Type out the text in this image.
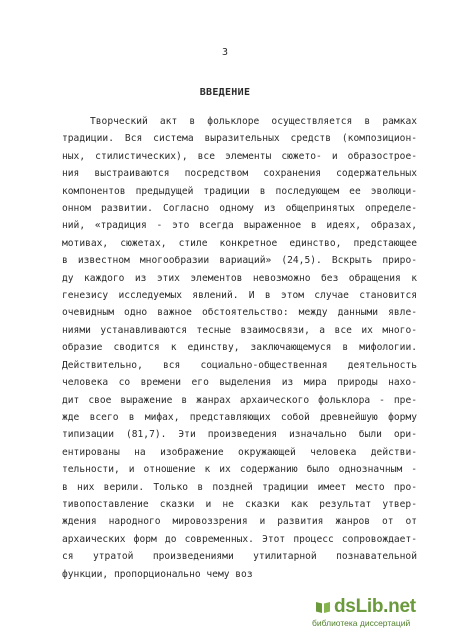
3
ВВЕДЕНИЕ
Творческий акт в фольклоре осуществляется в рамках
традиции. Вся система выразительных средств (композицион-
ных, стилистических), все элементы сюжето- и образострое-
ния выстраиваются посредством сохранения содержательных
компонентов предыдущей традиции в последующем ее эволюци-
онном развитии. Согласно одному из общепринятых определе-
ний, «традиция - это всегда выраженное в идеях, образах,
мотивах, сюжетах, стиле конкретное единство, предстающее
в известном многообразии вариаций» (24,5). Вскрыть приро-
ду каждого из этих элементов невозможно без обращения к
генезису исследуемых явлений. И в этом случае становится
очевидным одно важное обстоятельство: между данными явле-
ниями устанавливаются тесные взаимосвязи, а все их много-
образие сводится к единству, заключающемуся в мифологии.
Действительно, вся социально-общественная деятельность
человека со времени его выделения из мира природы нахо-
дит свое выражение в жанрах архаического фольклора - пре-
жде всего в мифах, представляющих собой древнейшую форму
типизации (81,7). Эти произведения изначально были ори-
ентированы на изображение окружающей человека действи-
тельности, и отношение к их содержанию было однозначным -
в них верили. Только в поздней традиции имеет место про-
тивопоставление сказки и не сказки как результат утвер-
ждения народного мировоззрения и развития жанров от от
архаических форм до современных. Этот процесс сопровождает-
ся утратой произведениями утилитарной познавательной
функции, пропорционально чему воз
dsLib.net
библиотека диссертаций
